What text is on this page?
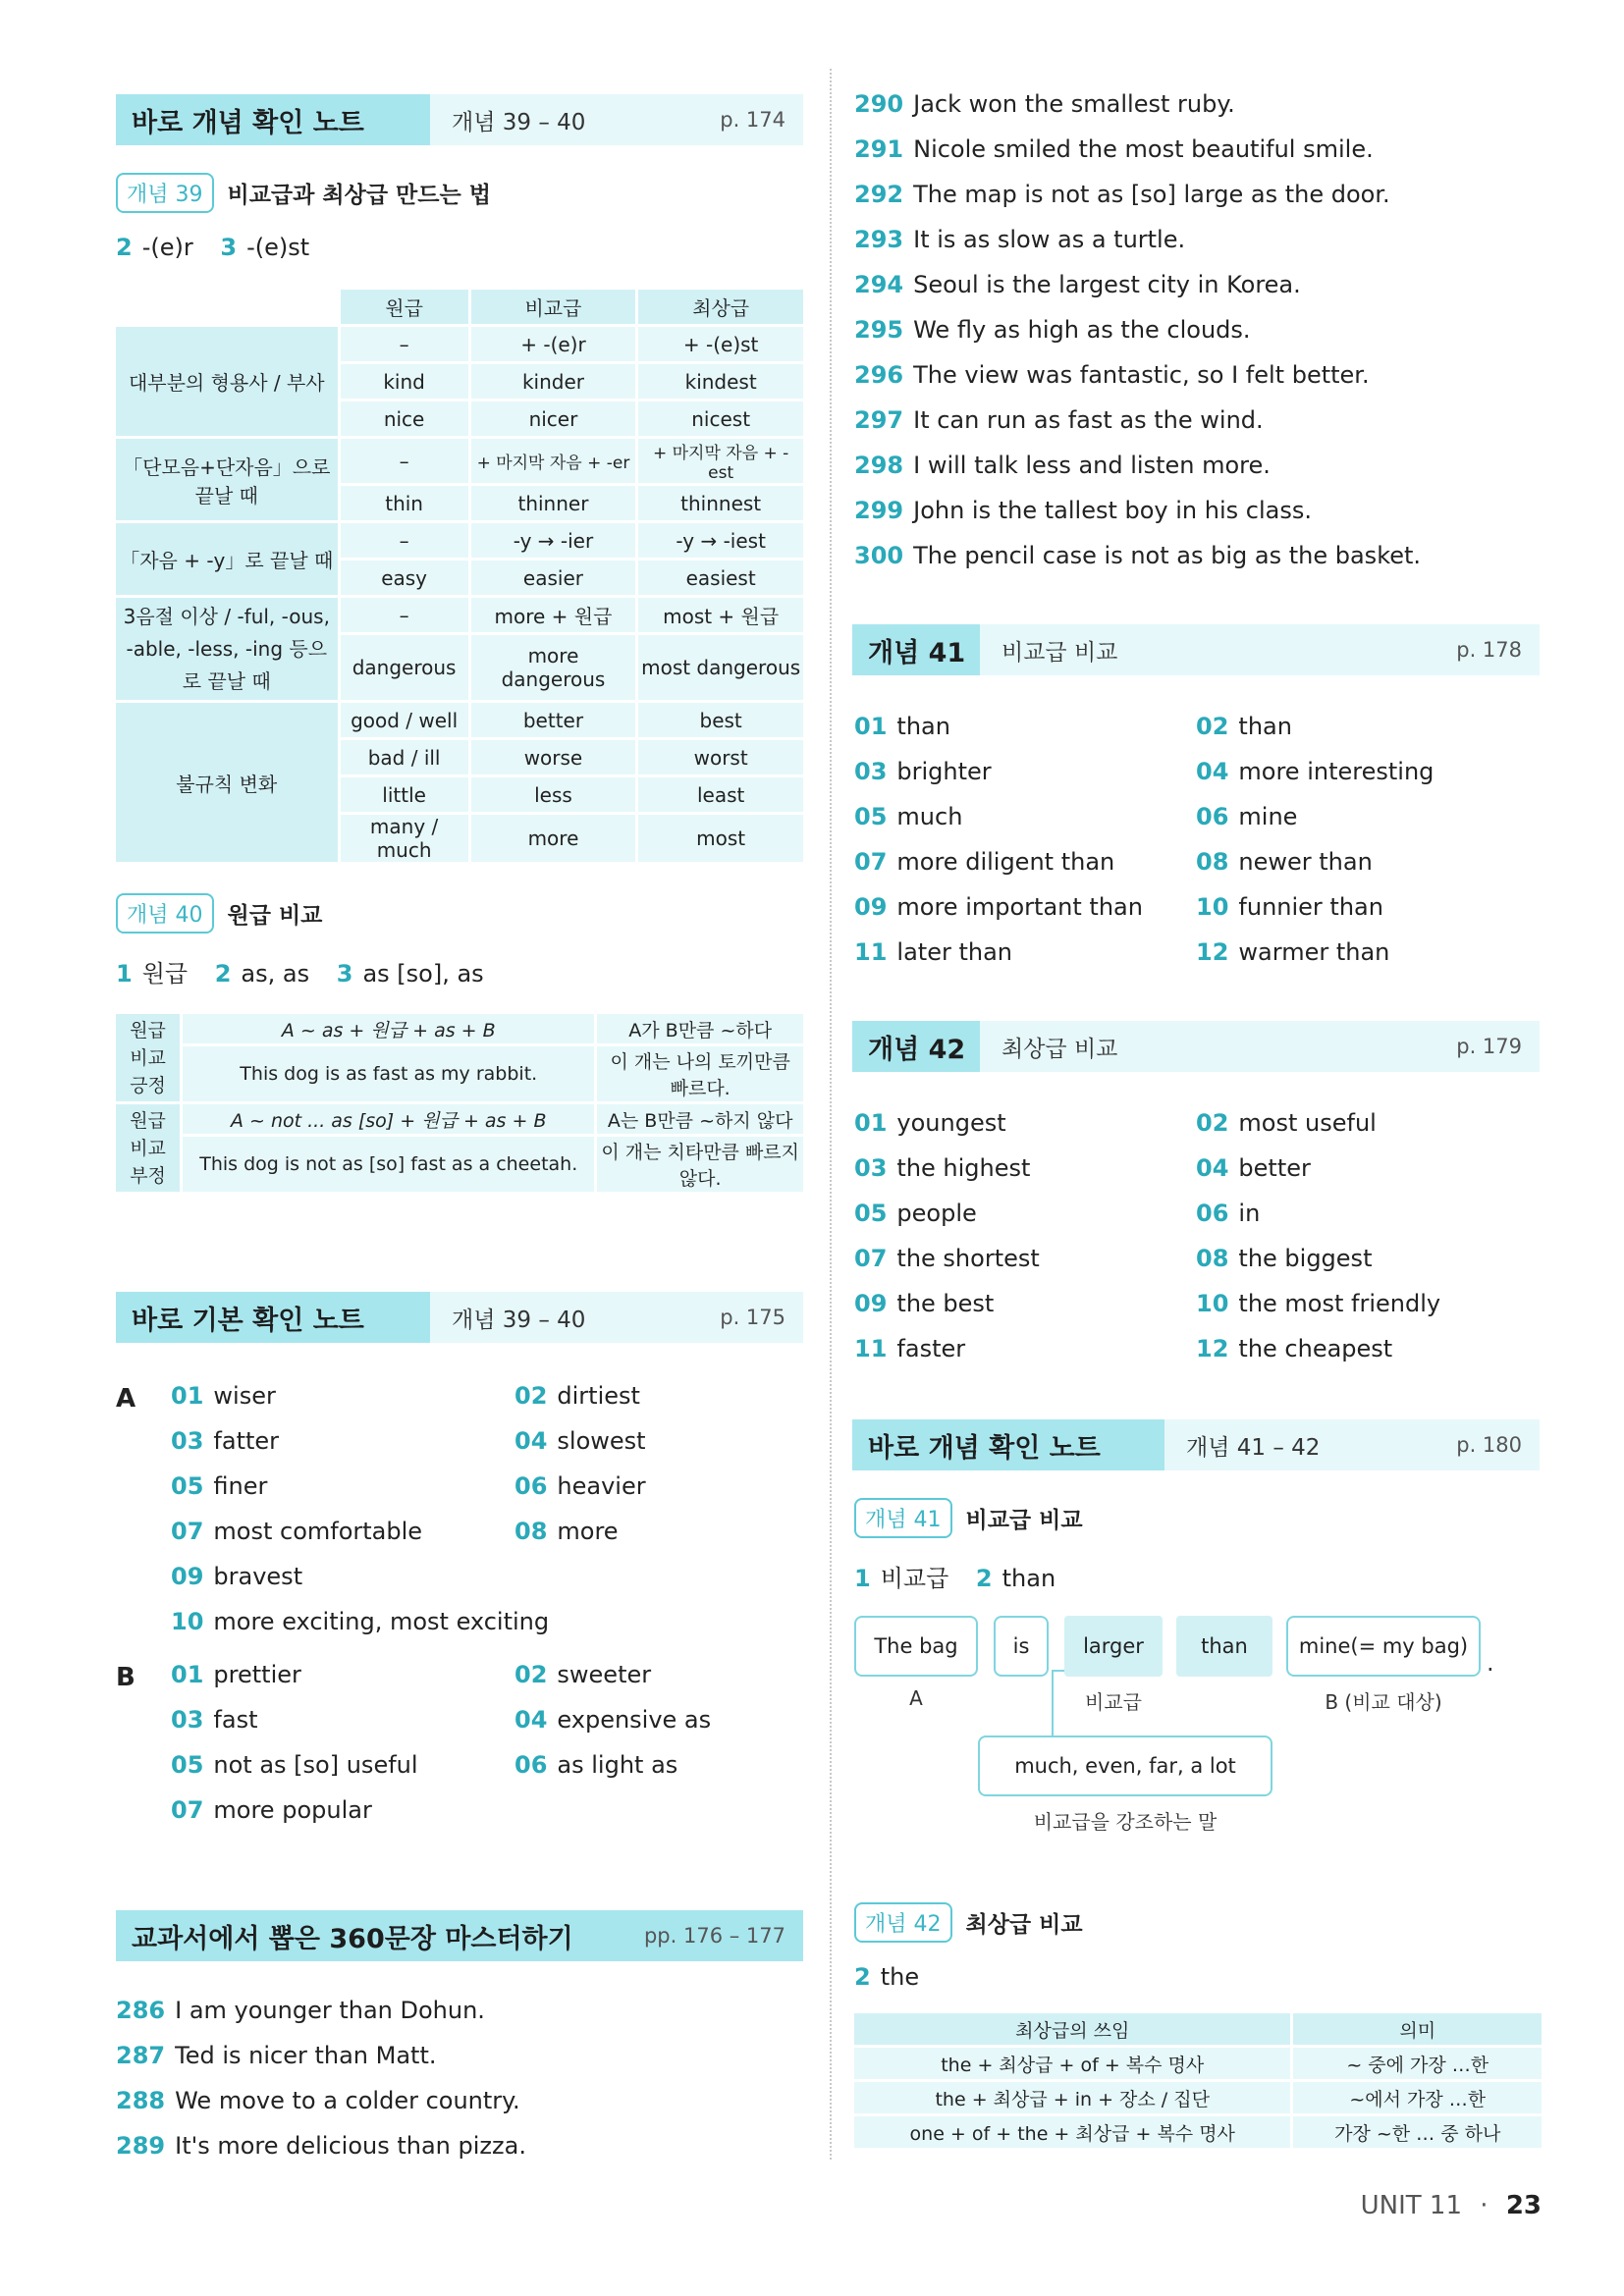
바로 개념 확인 노트	개념 39 – 40	p. 174
개념 39	비교급과 최상급 만드는 법
2 -(e)r 3 -(e)st
	원급	비교급	최상급
대부분의 형용사 / 부사	–	+ -(e)r	+ -(e)st
	kind	kinder	kindest
	nice	nicer	nicest
「단모음+단자음」으로 끝날 때	–	+ 마지막 자음 + -er	+ 마지막 자음 + -est
	thin	thinner	thinnest
「자음 + -y」로 끝날 때	–	-y → -ier	-y → -iest
	easy	easier	easiest
3음절 이상 / -ful, -ous, -able, -less, -ing 등으로 끝날 때	–	more + 원급	most + 원급
	dangerous	more dangerous	most dangerous
불규칙 변화	good / well	better	best
	bad / ill	worse	worst
	little	less	least
	many / much	more	most
개념 40	원급 비교
1 원급 2 as, as 3 as [so], as
원급 비교 긍정	A ~ as + 원급 + as + B	A가 B만큼 ~하다
	This dog is as fast as my rabbit.	이 개는 나의 토끼만큼 빠르다.
원급 비교 부정	A ~ not ... as [so] + 원급 + as + B	A는 B만큼 ~하지 않다
	This dog is not as [so] fast as a cheetah.	이 개는 치타만큼 빠르지 않다.
바로 기본 확인 노트	개념 39 – 40	p. 175
A 01 wiser	02 dirtiest
03 fatter	04 slowest
05 finer	06 heavier
07 most comfortable	08 more
09 bravest
10 more exciting, most exciting
B 01 prettier	02 sweeter
03 fast	04 expensive as
05 not as [so] useful	06 as light as
07 more popular
교과서에서 뽑은 360문장 마스터하기	pp. 176 – 177
286 I am younger than Dohun.
287 Ted is nicer than Matt.
288 We move to a colder country.
289 It's more delicious than pizza.
290 Jack won the smallest ruby.
291 Nicole smiled the most beautiful smile.
292 The map is not as [so] large as the door.
293 It is as slow as a turtle.
294 Seoul is the largest city in Korea.
295 We fly as high as the clouds.
296 The view was fantastic, so I felt better.
297 It can run as fast as the wind.
298 I will talk less and listen more.
299 John is the tallest boy in his class.
300 The pencil case is not as big as the basket.
개념 41	비교급 비교	p. 178
01 than	02 than
03 brighter	04 more interesting
05 much	06 mine
07 more diligent than	08 newer than
09 more important than 10 funnier than
11 later than	12 warmer than
개념 42	최상급 비교	p. 179
01 youngest	02 most useful
03 the highest	04 better
05 people	06 in
07 the shortest	08 the biggest
09 the best	10 the most friendly
11 faster	12 the cheapest
바로 개념 확인 노트	개념 41 – 42	p. 180
개념 41	비교급 비교
1 비교급 2 than
The bag	is	larger	than	mine(= my bag)
.
A	비교급	B (비교 대상)
much, even, far, a lot
비교급을 강조하는 말
개념 42	최상급 비교
2 the
최상급의 쓰임	의미
the + 최상급 + of + 복수 명사	~ 중에 가장 …한
the + 최상급 + in + 장소 / 집단	~에서 가장 …한
one + of + the + 최상급 + 복수 명사	가장 ~한 … 중 하나
UNIT 11 · 23
